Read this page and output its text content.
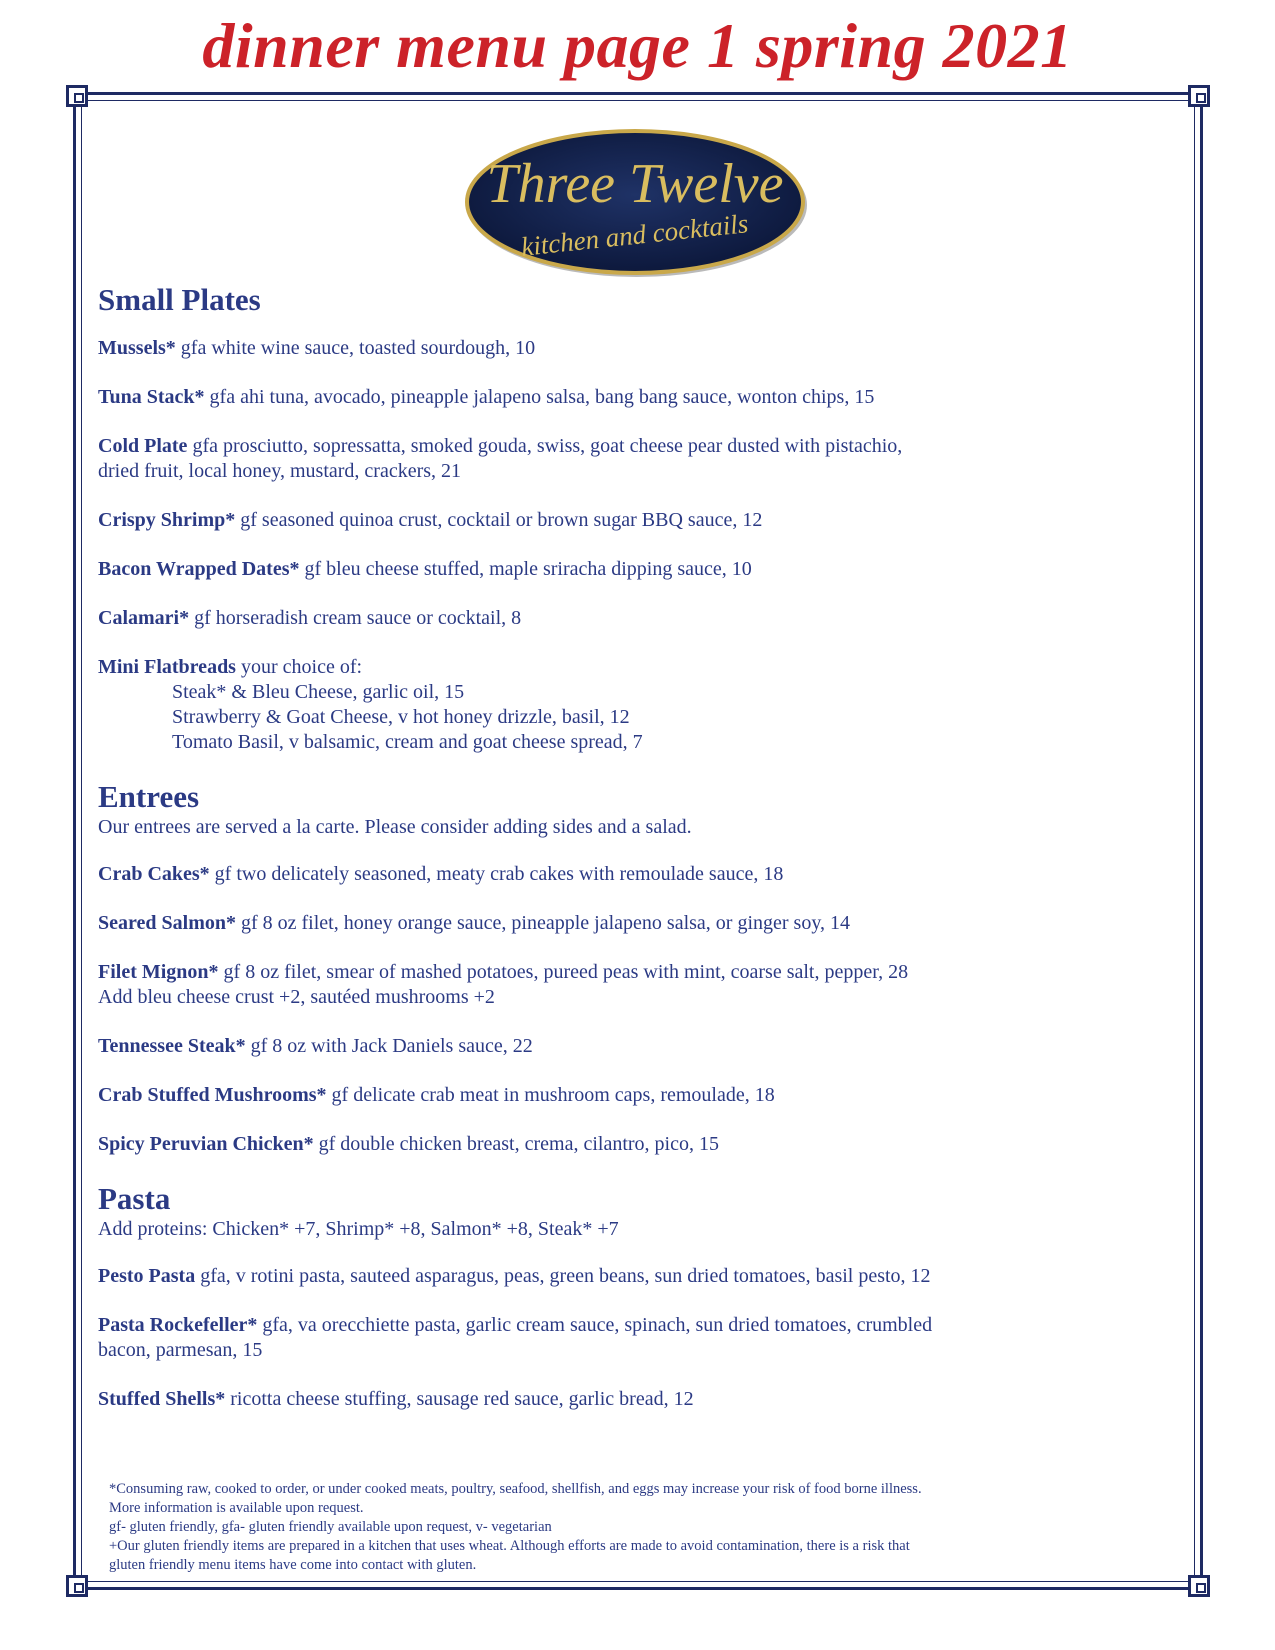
dinner menu page 1 spring 2021
Three Twelve
kitchen and cocktails
Small Plates
Mussels* gfa white wine sauce, toasted sourdough, 10
Tuna Stack* gfa ahi tuna, avocado, pineapple jalapeno salsa, bang bang sauce, wonton chips, 15
Cold Plate gfa prosciutto, sopressatta, smoked gouda, swiss, goat cheese pear dusted with pistachio,
dried fruit, local honey, mustard, crackers, 21
Crispy Shrimp* gf seasoned quinoa crust, cocktail or brown sugar BBQ sauce, 12
Bacon Wrapped Dates* gf bleu cheese stuffed, maple sriracha dipping sauce, 10
Calamari* gf horseradish cream sauce or cocktail, 8
Mini Flatbreads your choice of:
Steak* & Bleu Cheese, garlic oil, 15
Strawberry & Goat Cheese, v hot honey drizzle, basil, 12
Tomato Basil, v balsamic, cream and goat cheese spread, 7
Entrees
Our entrees are served a la carte. Please consider adding sides and a salad.
Crab Cakes* gf two delicately seasoned, meaty crab cakes with remoulade sauce, 18
Seared Salmon* gf 8 oz filet, honey orange sauce, pineapple jalapeno salsa, or ginger soy, 14
Filet Mignon* gf 8 oz filet, smear of mashed potatoes, pureed peas with mint, coarse salt, pepper, 28
Add bleu cheese crust +2, sautéed mushrooms +2
Tennessee Steak* gf 8 oz with Jack Daniels sauce, 22
Crab Stuffed Mushrooms* gf delicate crab meat in mushroom caps, remoulade, 18
Spicy Peruvian Chicken* gf double chicken breast, crema, cilantro, pico, 15
Pasta
Add proteins: Chicken* +7, Shrimp* +8, Salmon* +8, Steak* +7
Pesto Pasta gfa, v rotini pasta, sauteed asparagus, peas, green beans, sun dried tomatoes, basil pesto, 12
Pasta Rockefeller* gfa, va orecchiette pasta, garlic cream sauce, spinach, sun dried tomatoes, crumbled
bacon, parmesan, 15
Stuffed Shells* ricotta cheese stuffing, sausage red sauce, garlic bread, 12
*Consuming raw, cooked to order, or under cooked meats, poultry, seafood, shellfish, and eggs may increase your risk of food borne illness.
More information is available upon request.
gf- gluten friendly, gfa- gluten friendly available upon request, v- vegetarian
+Our gluten friendly items are prepared in a kitchen that uses wheat. Although efforts are made to avoid contamination, there is a risk that
gluten friendly menu items have come into contact with gluten.
